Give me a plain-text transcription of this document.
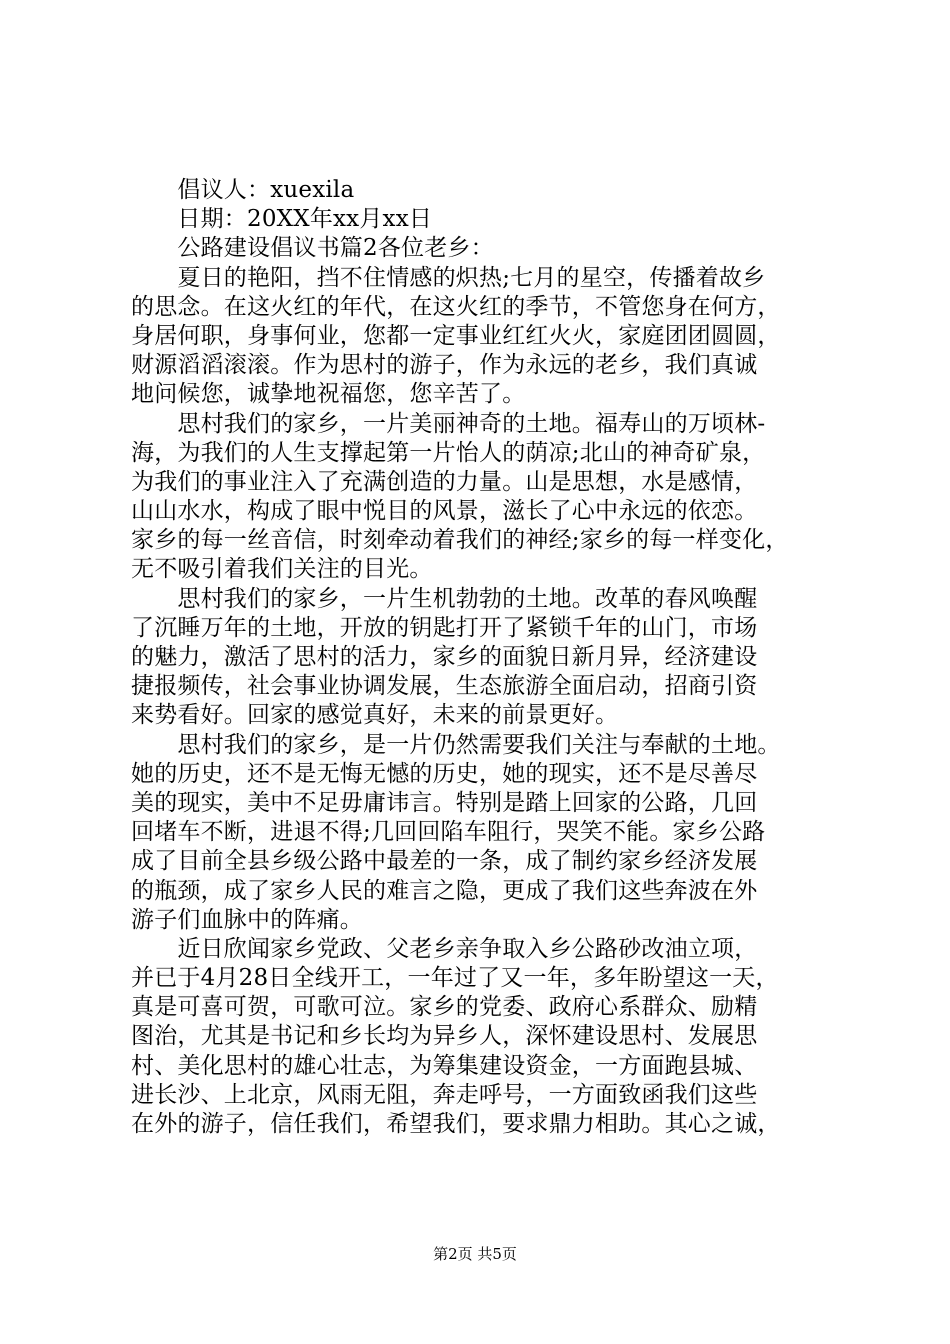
　　倡议人：xuexila
　　日期：20XX年xx月xx日
　　公路建设倡议书篇2各位老乡：
　　夏日的艳阳，挡不住情感的炽热;七月的星空，传播着故乡
的思念。在这火红的年代，在这火红的季节，不管您身在何方，
身居何职，身事何业，您都一定事业红红火火，家庭团团圆圆，
财源滔滔滚滚。作为思村的游子，作为永远的老乡，我们真诚
地问候您，诚挚地祝福您，您辛苦了。
　　思村我们的家乡，一片美丽神奇的土地。福寿山的万顷林-
海，为我们的人生支撑起第一片怡人的荫凉;北山的神奇矿泉，
为我们的事业注入了充满创造的力量。山是思想，水是感情，
山山水水，构成了眼中悦目的风景，滋长了心中永远的依恋。
家乡的每一丝音信，时刻牵动着我们的神经;家乡的每一样变化，
无不吸引着我们关注的目光。
　　思村我们的家乡，一片生机勃勃的土地。改革的春风唤醒
了沉睡万年的土地，开放的钥匙打开了紧锁千年的山门，市场
的魅力，激活了思村的活力，家乡的面貌日新月异，经济建设
捷报频传，社会事业协调发展，生态旅游全面启动，招商引资
来势看好。回家的感觉真好，未来的前景更好。
　　思村我们的家乡，是一片仍然需要我们关注与奉献的土地。
她的历史，还不是无悔无憾的历史，她的现实，还不是尽善尽
美的现实，美中不足毋庸讳言。特别是踏上回家的公路，几回
回堵车不断，进退不得;几回回陷车阻行，哭笑不能。家乡公路
成了目前全县乡级公路中最差的一条，成了制约家乡经济发展
的瓶颈，成了家乡人民的难言之隐，更成了我们这些奔波在外
游子们血脉中的阵痛。
　　近日欣闻家乡党政、父老乡亲争取入乡公路砂改油立项，
并已于4月28日全线开工，一年过了又一年，多年盼望这一天，
真是可喜可贺，可歌可泣。家乡的党委、政府心系群众、励精
图治，尤其是书记和乡长均为异乡人，深怀建设思村、发展思
村、美化思村的雄心壮志，为筹集建设资金，一方面跑县城、
进长沙、上北京，风雨无阻，奔走呼号，一方面致函我们这些
在外的游子，信任我们，希望我们，要求鼎力相助。其心之诚，
第2页 共5页
